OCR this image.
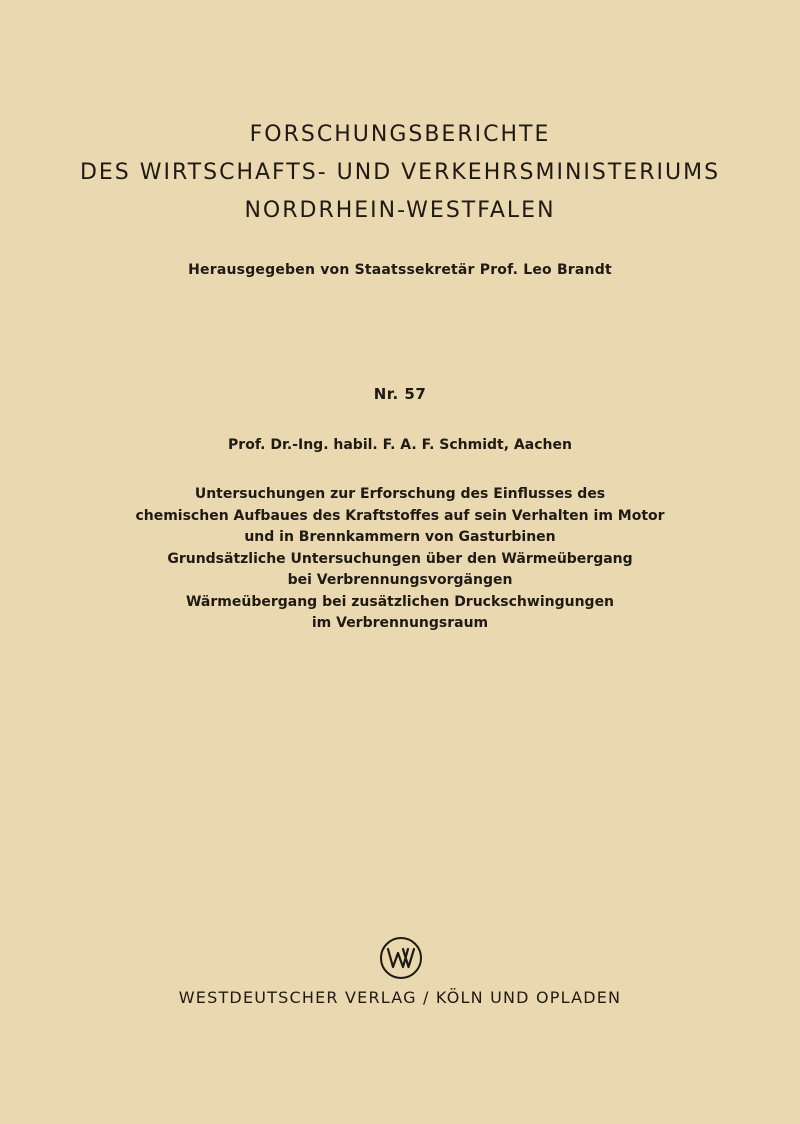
FORSCHUNGSBERICHTE
DES WIRTSCHAFTS- UND VERKEHRSMINISTERIUMS
NORDRHEIN-WESTFALEN
Herausgegeben von Staatssekretär Prof. Leo Brandt
Nr. 57
Prof. Dr.-Ing. habil. F. A. F. Schmidt, Aachen
Untersuchungen zur Erforschung des Einflusses des
chemischen Aufbaues des Kraftstoffes auf sein Verhalten im Motor
und in Brennkammern von Gasturbinen
Grundsätzliche Untersuchungen über den Wärmeübergang
bei Verbrennungsvorgängen
Wärmeübergang bei zusätzlichen Druckschwingungen
im Verbrennungsraum
WESTDEUTSCHER VERLAG / KÖLN UND OPLADEN
